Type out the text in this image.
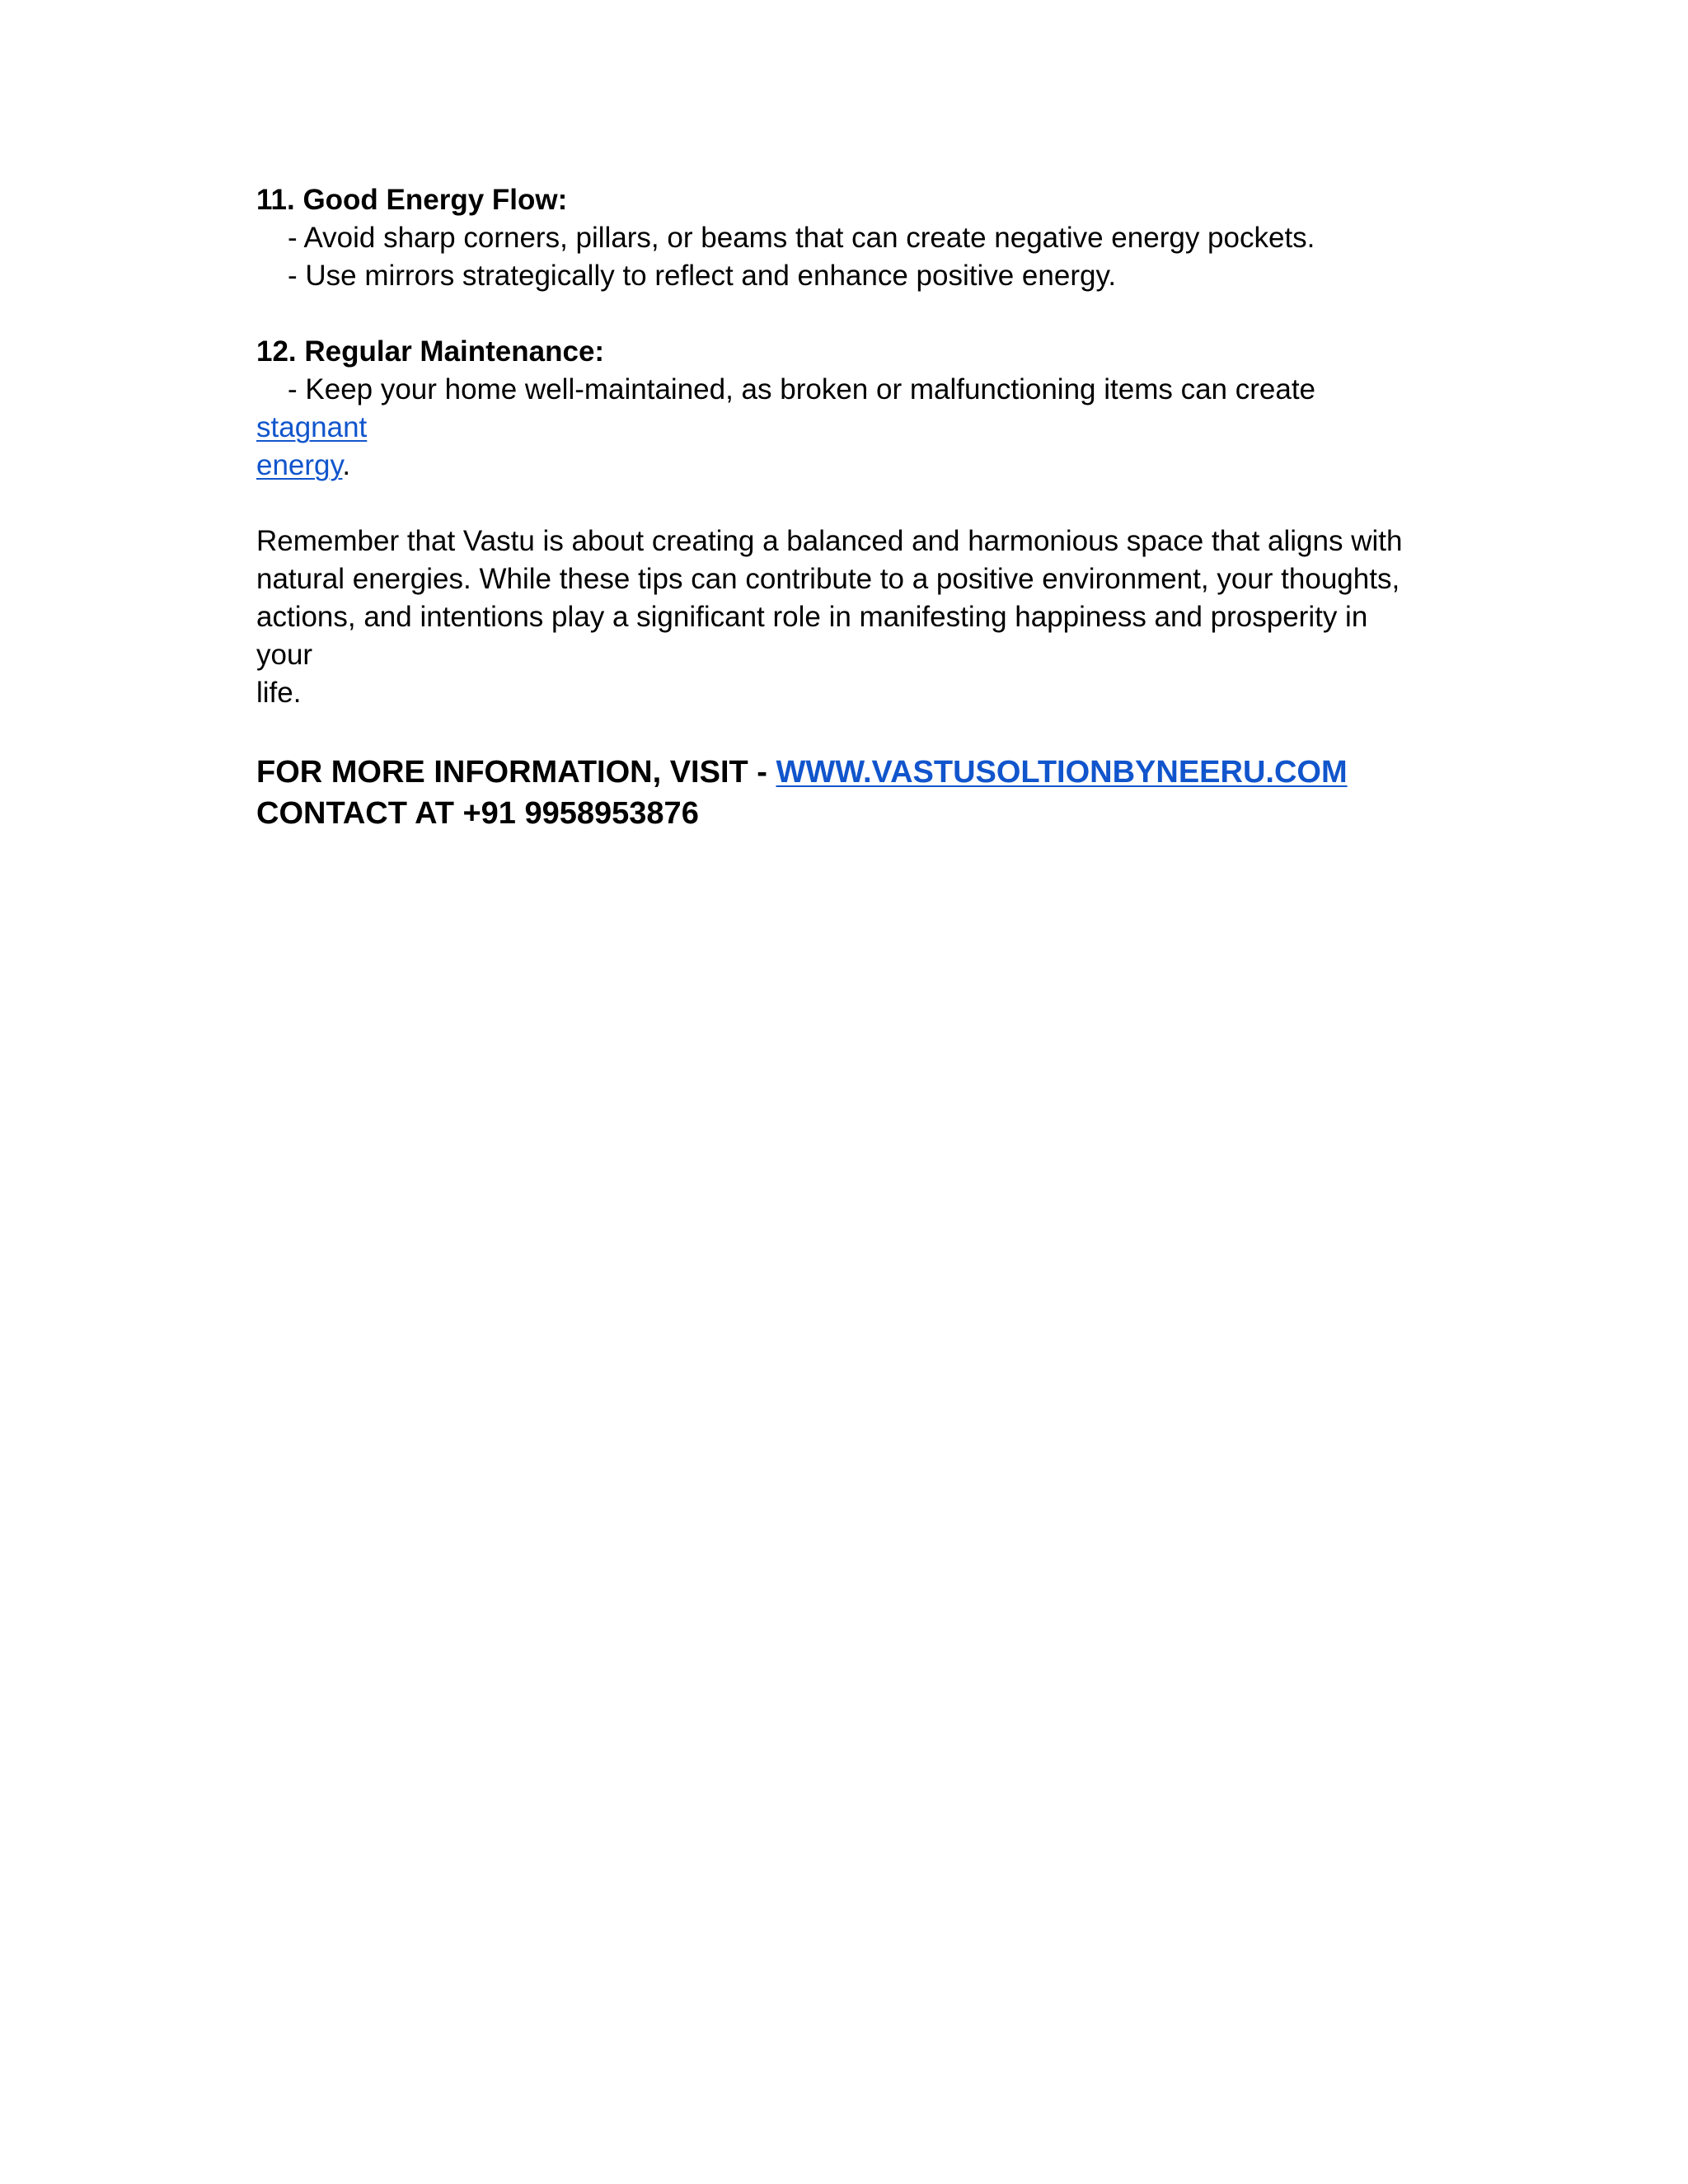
11. Good Energy Flow:

- Avoid sharp corners, pillars, or beams that can create negative energy pockets.

- Use mirrors strategically to reflect and enhance positive energy.

12. Regular Maintenance:

- Keep your home well-maintained, as broken or malfunctioning items can create stagnant
energy.

Remember that Vastu is about creating a balanced and harmonious space that aligns with

natural energies. While these tips can contribute to a positive environment, your thoughts,

actions, and intentions play a significant role in manifesting happiness and prosperity in your

life.

FOR MORE INFORMATION, VISIT - WWW.VASTUSOLTIONBYNEERU.COM

CONTACT AT +91 9958953876
